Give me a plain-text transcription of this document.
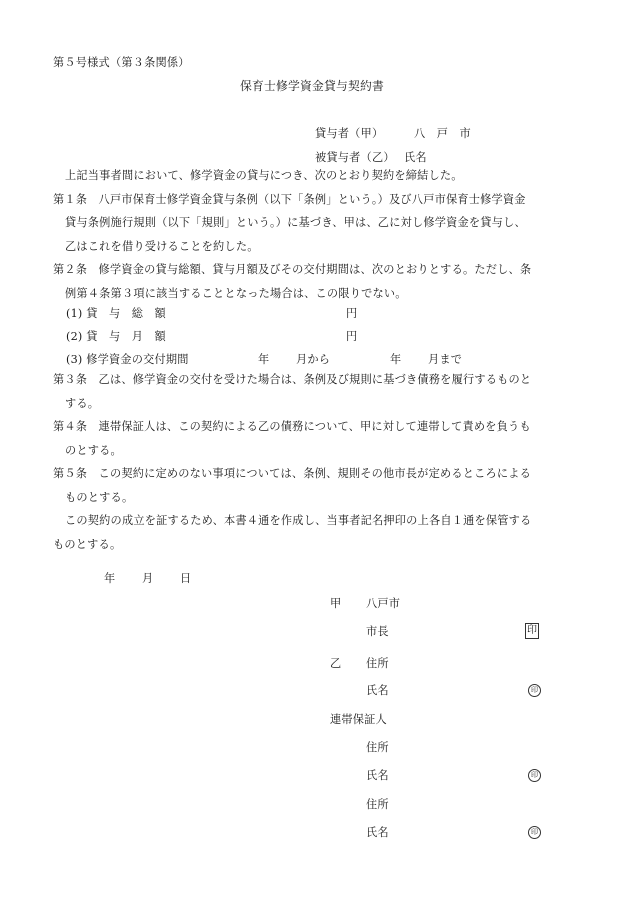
第５号様式（第３条関係）
保育士修学資金貸与契約書
貸与者（甲）	八　戸　市
被貸与者（乙） 氏名

上記当事者間において、修学資金の貸与につき、次のとおり契約を締結した。

第１条　八戸市保育士修学資金貸与条例（以下「条例」という。）及び八戸市保育士修学資金

貸与条例施行規則（以下「規則」という。）に基づき、甲は、乙に対し修学資金を貸与し、

乙はこれを借り受けることを約した。

第２条　修学資金の貸与総額、貸与月額及びその交付期間は、次のとおりとする。ただし、条

例第４条第３項に該当することとなった場合は、この限りでない。

(1) 貸　与　総　額	円
(2) 貸　与　月　額	円
(3) 修学資金の交付期間	年 月から	年 月まで

第３条　乙は、修学資金の交付を受けた場合は、条例及び規則に基づき債務を履行するものと

する。

第４条　連帯保証人は、この契約による乙の債務について、甲に対して連帯して責めを負うも

のとする。

第５条　この契約に定めのない事項については、条例、規則その他市長が定めるところによる

ものとする。

この契約の成立を証するため、本書４通を作成し、当事者記名押印の上各自１通を保管する

ものとする。

年 月 日
甲 八戸市
市長	印
乙 住所
氏名	印
連帯保証人
住所
氏名	印
住所
氏名	印
